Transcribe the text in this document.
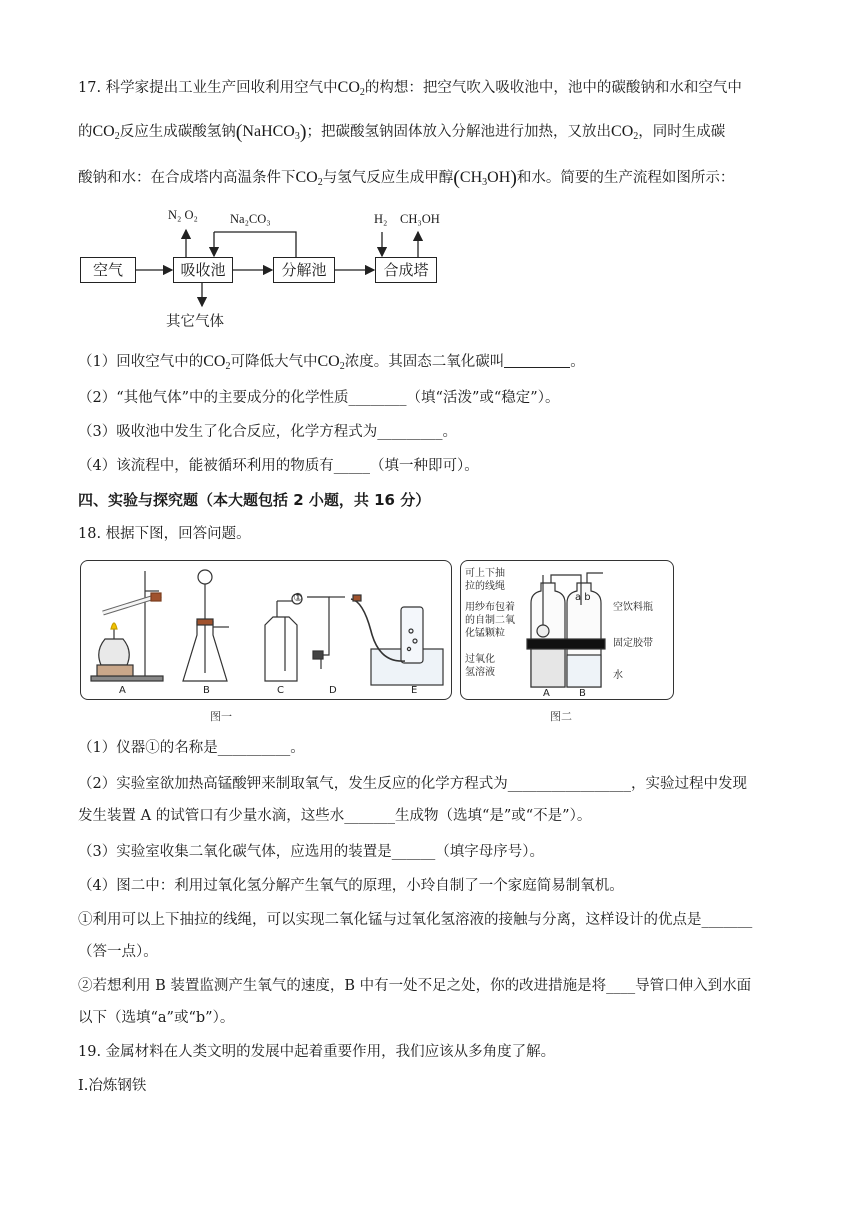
17. 科学家提出工业生产回收利用空气中$CO_2$的构想：把空气吹入吸收池中，池中的碳酸钠和水和空气中
的$CO_2$反应生成碳酸氢钠(NaHCO$_3$)；把碳酸氢钠固体放入分解池进行加热，又放出$CO_2$，同时生成碳
酸钠和水：在合成塔内高温条件下$CO_2$与氢气反应生成甲醇$(CH_3OH)$和水。简要的生产流程如图所示：
空气	吸收池	分解池	合成塔
N₂ O₂	Na₂CO₃	H₂ CH₃OH
其它气体
（1）回收空气中的$CO_2$可降低大气中$CO_2$浓度。其固态二氧化碳叫	。
（2）“其他气体”中的主要成分的化学性质________（填“活泼”或“稳定”）。
（3）吸收池中发生了化合反应，化学方程式为_________。
（4）该流程中，能被循环利用的物质有_____（填一种即可）。
四、实验与探究题（本大题包括 2 小题，共 16 分）
18. 根据下图，回答问题。
①
A	B	C	D	E
图一
可上下抽
拉的线绳
用纱布包着
的自制二氧
化锰颗粒
过氧化
氢溶液
a b
空饮料瓶
固定胶带
水
A	B
图二
（1）仪器①的名称是__________。
（2）实验室欲加热高锰酸钾来制取氧气，发生反应的化学方程式为_________________，实验过程中发现
发生装置 A 的试管口有少量水滴，这些水_______生成物（选填“是”或“不是”）。
（3）实验室收集二氧化碳气体，应选用的装置是______（填字母序号）。
（4）图二中：利用过氧化氢分解产生氧气的原理，小玲自制了一个家庭简易制氧机。
①利用可以上下抽拉的线绳，可以实现二氧化锰与过氧化氢溶液的接触与分离，这样设计的优点是_______
（答一点）。
②若想利用 B 装置监测产生氧气的速度，B 中有一处不足之处，你的改进措施是将____导管口伸入到水面
以下（选填“a”或“b”）。
19. 金属材料在人类文明的发展中起着重要作用，我们应该从多角度了解。
I.冶炼钢铁
